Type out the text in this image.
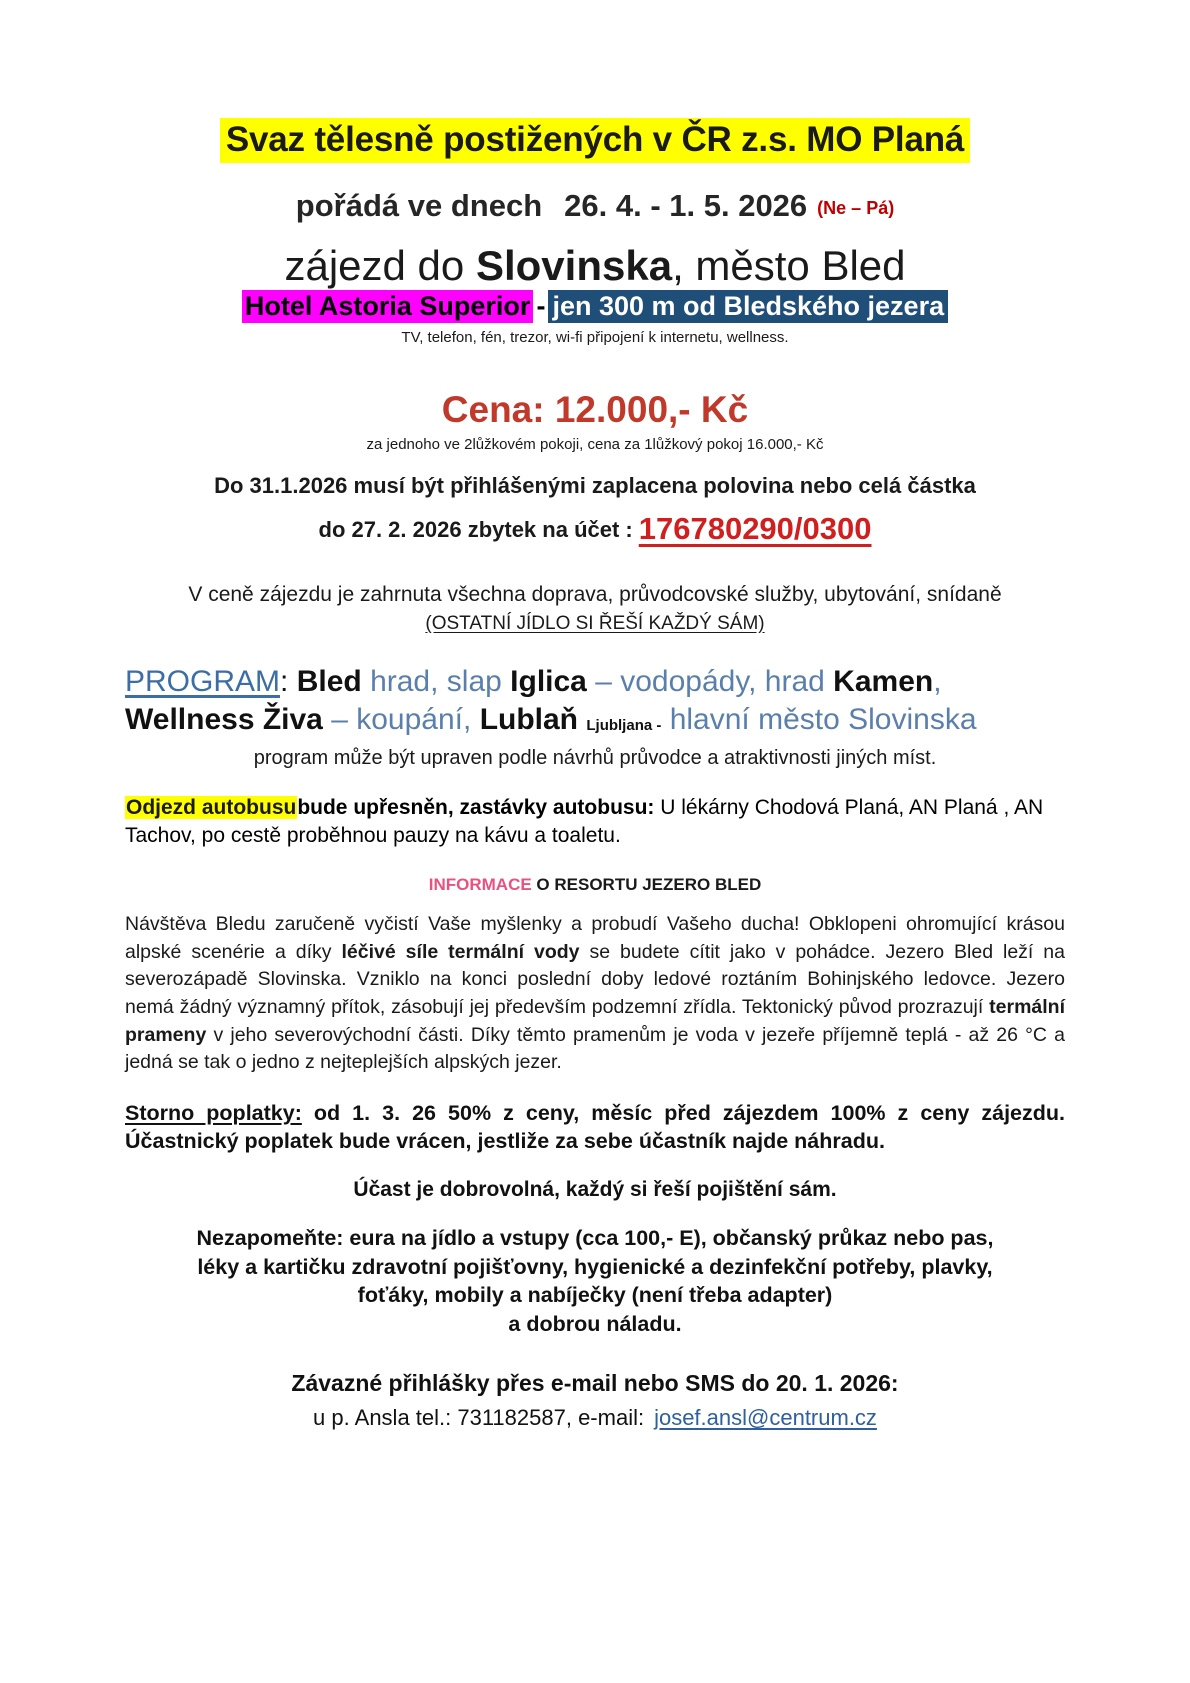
Svaz tělesně postižených v ČR z.s. MO Planá
pořádá ve dnech 26. 4. - 1. 5. 2026 (Ne – Pá)
zájezd do Slovinska, město Bled
Hotel Astoria Superior - jen 300 m od Bledského jezera
TV, telefon, fén, trezor, wi-fi připojení k internetu, wellness.
Cena: 12.000,- Kč
za jednoho ve 2lůžkovém pokoji, cena za 1lůžkový pokoj 16.000,- Kč
Do 31.1.2026 musí být přihlášenými zaplacena polovina nebo celá částka
do 27. 2. 2026 zbytek na účet : 176780290/0300
V ceně zájezdu je zahrnuta všechna doprava, průvodcovské služby, ubytování, snídaně
(OSTATNÍ JÍDLO SI ŘEŠÍ KAŽDÝ SÁM)
PROGRAM: Bled hrad, slap Iglica – vodopády, hrad Kamen,
Wellness Živa – koupání, Lublaň Ljubljana - hlavní město Slovinska
program může být upraven podle návrhů průvodce a atraktivnosti jiných míst.
Odjezd autobusubude upřesněn, zastávky autobusu: U lékárny Chodová Planá, AN Planá , AN Tachov, po cestě proběhnou pauzy na kávu a toaletu.
INFORMACE O RESORTU JEZERO BLED
Návštěva Bledu zaručeně vyčistí Vaše myšlenky a probudí Vašeho ducha! Obklopeni ohromující krásou alpské scenérie a díky léčivé síle termální vody se budete cítit jako v pohádce. Jezero Bled leží na severozápadě Slovinska. Vzniklo na konci poslední doby ledové roztáním Bohinjského ledovce. Jezero nemá žádný významný přítok, zásobují jej především podzemní zřídla. Tektonický původ prozrazují termální prameny v jeho severovýchodní části. Díky těmto pramenům je voda v jezeře příjemně teplá - až 26 °C a jedná se tak o jedno z nejteplejších alpských jezer.
Storno poplatky: od 1. 3. 26 50% z ceny, měsíc před zájezdem 100% z ceny zájezdu. Účastnický poplatek bude vrácen, jestliže za sebe účastník najde náhradu.
Účast je dobrovolná, každý si řeší pojištění sám.
Nezapomeňte: eura na jídlo a vstupy (cca 100,- E), občanský průkaz nebo pas,
léky a kartičku zdravotní pojišťovny, hygienické a dezinfekční potřeby, plavky,
foťáky, mobily a nabíječky (není třeba adapter)
a dobrou náladu.
Závazné přihlášky přes e-mail nebo SMS do 20. 1. 2026:
u p. Ansla tel.: 731182587, e-mail: josef.ansl@centrum.cz
